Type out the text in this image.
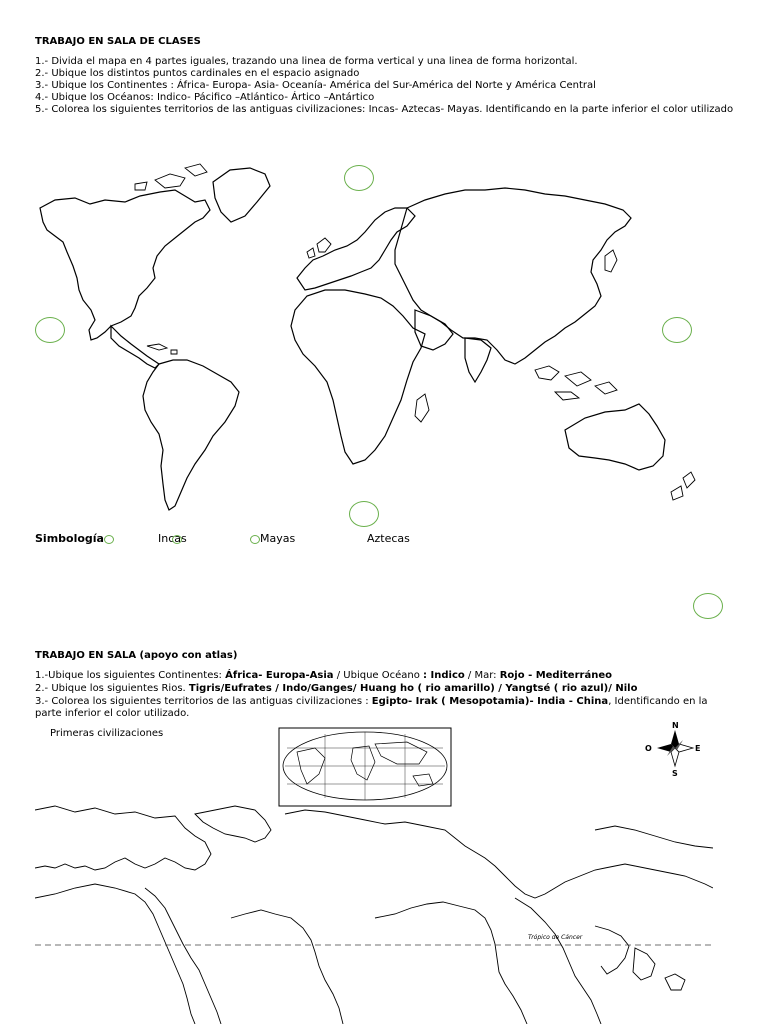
TRABAJO EN SALA DE CLASES
1.- Divida el mapa en 4 partes iguales, trazando una linea de forma vertical y una linea de forma horizontal.
2.- Ubique los distintos puntos cardinales en el espacio asignado
3.- Ubique los Continentes : África- Europa- Asia- Oceanía- América del Sur-América del Norte y América Central
4.- Ubique los Océanos: Indico- Pácifico –Atlántico- Ártico –Antártico
5.- Colorea los siguientes territorios de las antiguas civilizaciones: Incas- Aztecas- Mayas. Identificando en la parte inferior el color utilizado
Simbología	Incas	Mayas	Aztecas
TRABAJO EN SALA (apoyo con atlas)
1.-Ubique los siguientes Continentes: África- Europa-Asia / Ubique Océano : Indico / Mar: Rojo - Mediterráneo
2.- Ubique los siguientes Rios. Tigris/Eufrates / Indo/Ganges/ Huang ho ( rio amarillo) / Yangtsé ( rio azul)/ Nilo
3.- Colorea los siguientes territorios de las antiguas civilizaciones : Egipto- Irak ( Mesopotamia)- India - China, Identificando en la parte inferior el color utilizado.
N
S
E
O
Primeras civilizaciones
Trópico de Cáncer
